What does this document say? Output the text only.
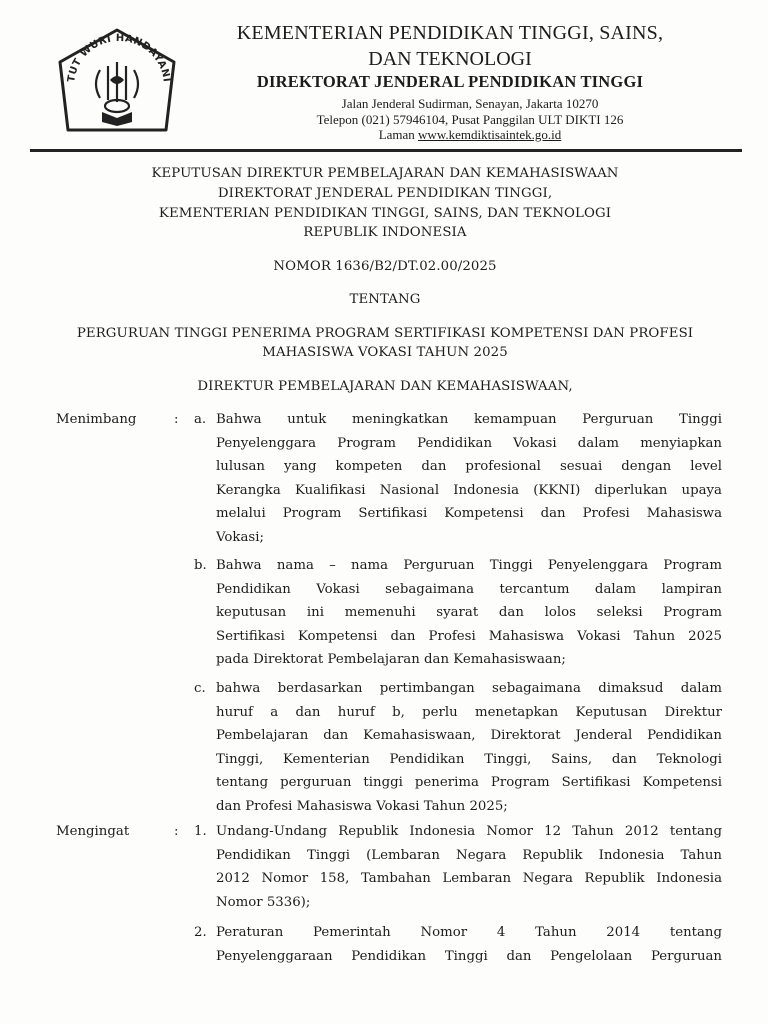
TUT WURI HANDAYANI
KEMENTERIAN PENDIDIKAN TINGGI, SAINS,
DAN TEKNOLOGI
DIREKTORAT JENDERAL PENDIDIKAN TINGGI
Jalan Jenderal Sudirman, Senayan, Jakarta 10270
Telepon (021) 57946104, Pusat Panggilan ULT DIKTI 126
Laman www.kemdiktisaintek.go.id
KEPUTUSAN DIREKTUR PEMBELAJARAN DAN KEMAHASISWAAN
DIREKTORAT JENDERAL PENDIDIKAN TINGGI,
KEMENTERIAN PENDIDIKAN TINGGI, SAINS, DAN TEKNOLOGI
REPUBLIK INDONESIA
NOMOR 1636/B2/DT.02.00/2025
TENTANG
PERGURUAN TINGGI PENERIMA PROGRAM SERTIFIKASI KOMPETENSI DAN PROFESI
MAHASISWA VOKASI TAHUN 2025
DIREKTUR PEMBELAJARAN DAN KEMAHASISWAAN,
Menimbang	: a. Bahwa untuk meningkatkan kemampuan Perguruan Tinggi
Penyelenggara Program Pendidikan Vokasi dalam menyiapkan
lulusan yang kompeten dan profesional sesuai dengan level
Kerangka Kualifikasi Nasional Indonesia (KKNI) diperlukan upaya
melalui Program Sertifikasi Kompetensi dan Profesi Mahasiswa
Vokasi;
b. Bahwa nama – nama Perguruan Tinggi Penyelenggara Program
Pendidikan Vokasi sebagaimana tercantum dalam lampiran
keputusan ini memenuhi syarat dan lolos seleksi Program
Sertifikasi Kompetensi dan Profesi Mahasiswa Vokasi Tahun 2025
pada Direktorat Pembelajaran dan Kemahasiswaan;
c. bahwa berdasarkan pertimbangan sebagaimana dimaksud dalam
huruf a dan huruf b, perlu menetapkan Keputusan Direktur
Pembelajaran dan Kemahasiswaan, Direktorat Jenderal Pendidikan
Tinggi, Kementerian Pendidikan Tinggi, Sains, dan Teknologi
tentang perguruan tinggi penerima Program Sertifikasi Kompetensi
dan Profesi Mahasiswa Vokasi Tahun 2025;
Mengingat	: 1. Undang-Undang Republik Indonesia Nomor 12 Tahun 2012 tentang
Pendidikan Tinggi (Lembaran Negara Republik Indonesia Tahun
2012 Nomor 158, Tambahan Lembaran Negara Republik Indonesia
Nomor 5336);
2. Peraturan Pemerintah Nomor 4 Tahun 2014 tentang
Penyelenggaraan Pendidikan Tinggi dan Pengelolaan Perguruan
